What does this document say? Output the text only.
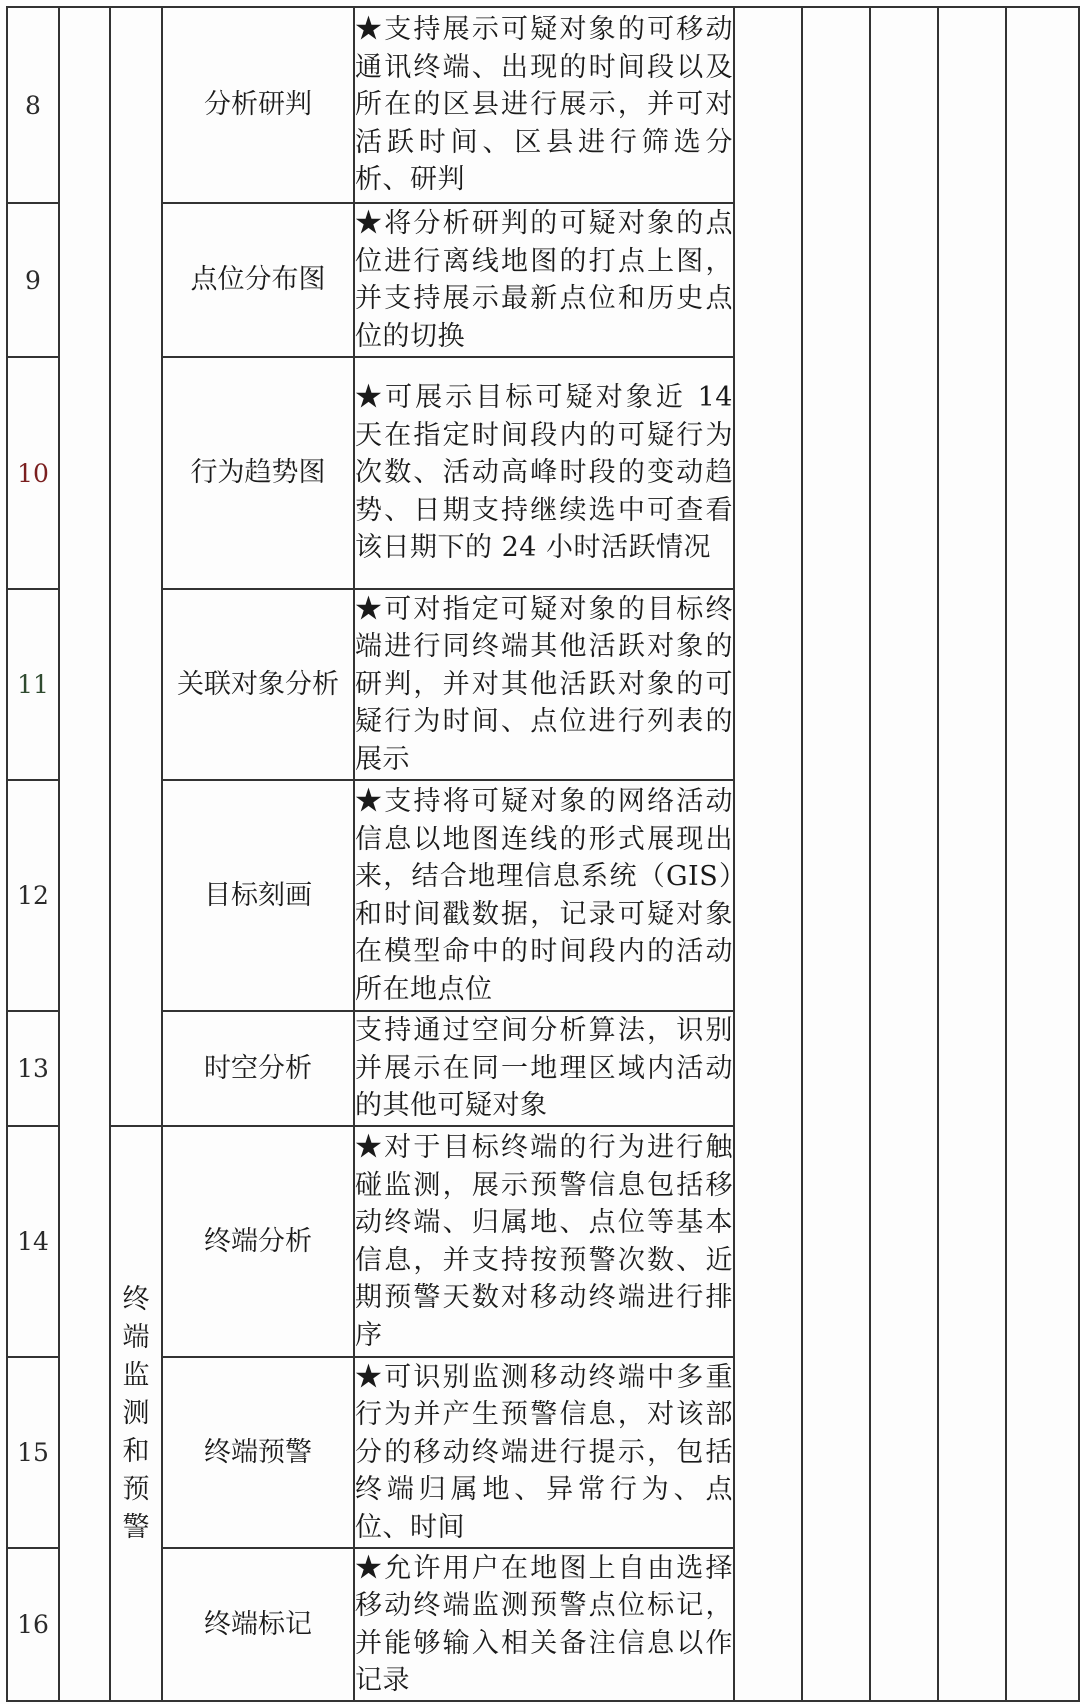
8			分析研判	★支持展示可疑对象的可移动通讯终端、出现的时间段以及所在的区县进行展示，并可对活跃时间、区县进行筛选分析、研判					
9			点位分布图	★将分析研判的可疑对象的点位进行离线地图的打点上图，并支持展示最新点位和历史点位的切换					
10			行为趋势图	★可展示目标可疑对象近 14 天在指定时间段内的可疑行为次数、活动高峰时段的变动趋势、日期支持继续选中可查看该日期下的 24 小时活跃情况					
11			关联对象分析	★可对指定可疑对象的目标终端进行同终端其他活跃对象的研判，并对其他活跃对象的可疑行为时间、点位进行列表的展示					
12			目标刻画	★支持将可疑对象的网络活动信息以地图连线的形式展现出来，结合地理信息系统（GIS）和时间戳数据，记录可疑对象在模型命中的时间段内的活动所在地点位					
13			时空分析	支持通过空间分析算法，识别并展示在同一地理区域内活动的其他可疑对象					
14		终端监测和预警	终端分析	★对于目标终端的行为进行触碰监测，展示预警信息包括移动终端、归属地、点位等基本信息，并支持按预警次数、近期预警天数对移动终端进行排序					
15			终端预警	★可识别监测移动终端中多重行为并产生预警信息，对该部分的移动终端进行提示，包括终端归属地、异常行为、点位、时间					
16			终端标记	★允许用户在地图上自由选择移动终端监测预警点位标记，并能够输入相关备注信息以作记录					
